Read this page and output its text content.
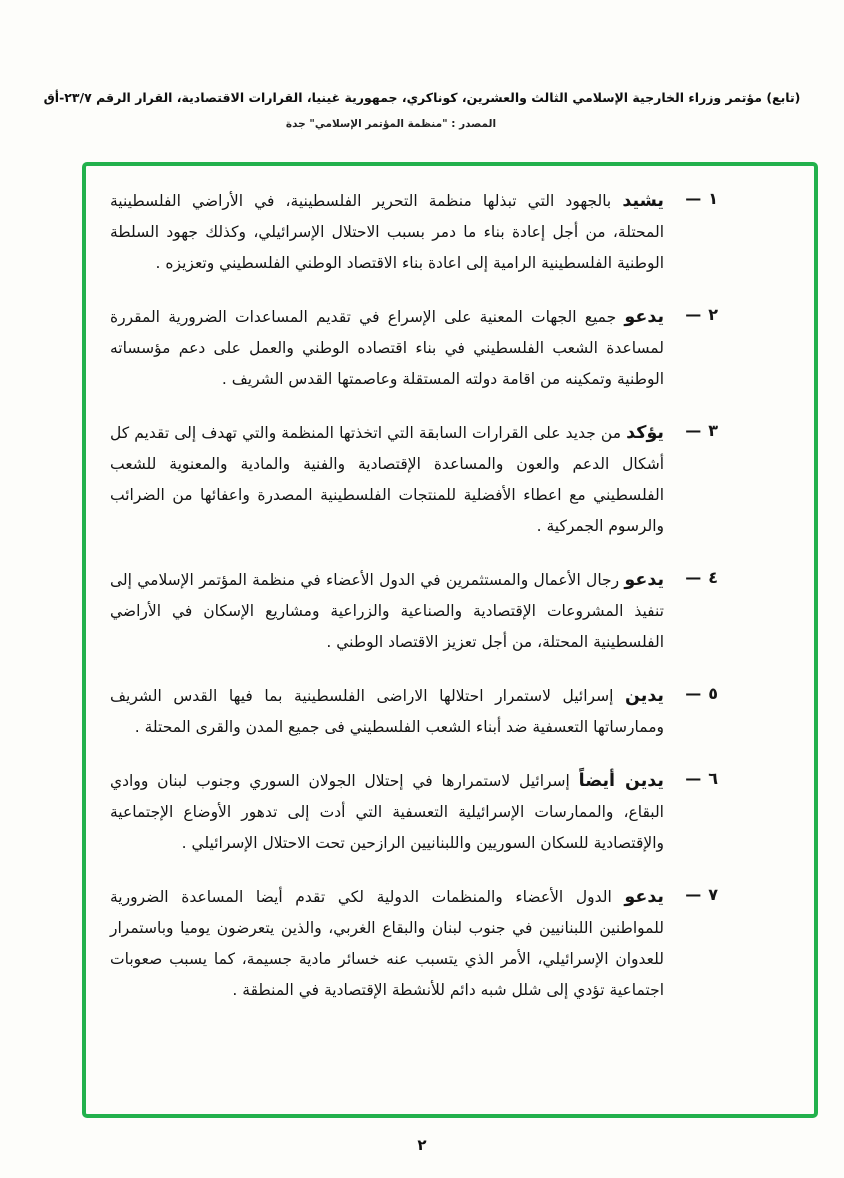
(تابع) مؤتمر وزراء الخارجية الإسلامي الثالث والعشرين، كوناكري، جمهورية غينيا، القرارات الاقتصادية، القرار الرقم ٢٣/٧-أق
المصدر : "منظمة المؤتمر الإسلامي" جدة
١—

يشيد بالجهود التي تبذلها منظمة التحرير الفلسطينية، في الأراضي الفلسطينية المحتلة، من أجل إعادة بناء ما دمر بسبب الاحتلال الإسرائيلي، وكذلك جهود السلطة الوطنية الفلسطينية الرامية إلى اعادة بناء الاقتصاد الوطني الفلسطيني وتعزيزه .

٢—

يدعو جميع الجهات المعنية على الإسراع في تقديم المساعدات الضرورية المقررة لمساعدة الشعب الفلسطيني في بناء اقتصاده الوطني والعمل على دعم مؤسساته الوطنية وتمكينه من اقامة دولته المستقلة وعاصمتها القدس الشريف .

٣—

يؤكد من جديد على القرارات السابقة التي اتخذتها المنظمة والتي تهدف إلى تقديم كل أشكال الدعم والعون والمساعدة الإقتصادية والفنية والمادية والمعنوية للشعب الفلسطيني مع اعطاء الأفضلية للمنتجات الفلسطينية المصدرة واعفائها من الضرائب والرسوم الجمركية .

٤—

يدعو رجال الأعمال والمستثمرين في الدول الأعضاء في منظمة المؤتمر الإسلامي إلى تنفيذ المشروعات الإقتصادية والصناعية والزراعية ومشاريع الإسكان في الأراضي الفلسطينية المحتلة، من أجل تعزيز الاقتصاد الوطني .

٥—

يدين إسرائيل لاستمرار احتلالها الاراضى الفلسطينية بما فيها القدس الشريف وممارساتها التعسفية ضد أبناء الشعب الفلسطيني فى جميع المدن والقرى المحتلة .

٦—

يدين أيضاً إسرائيل لاستمرارها في إحتلال الجولان السوري وجنوب لبنان ووادي البقاع، والممارسات الإسرائيلية التعسفية التي أدت إلى تدهور الأوضاع الإجتماعية والإقتصادية للسكان السوريين واللبنانيين الرازحين تحت الاحتلال الإسرائيلي .

٧—

يدعو الدول الأعضاء والمنظمات الدولية لكي تقدم أيضا المساعدة الضرورية للمواطنين اللبنانيين في جنوب لبنان والبقاع الغربي، والذين يتعرضون يوميا وباستمرار للعدوان الإسرائيلي، الأمر الذي يتسبب عنه خسائر مادية جسيمة، كما يسبب صعوبات اجتماعية تؤدي إلى شلل شبه دائم للأنشطة الإقتصادية في المنطقة .

٢
